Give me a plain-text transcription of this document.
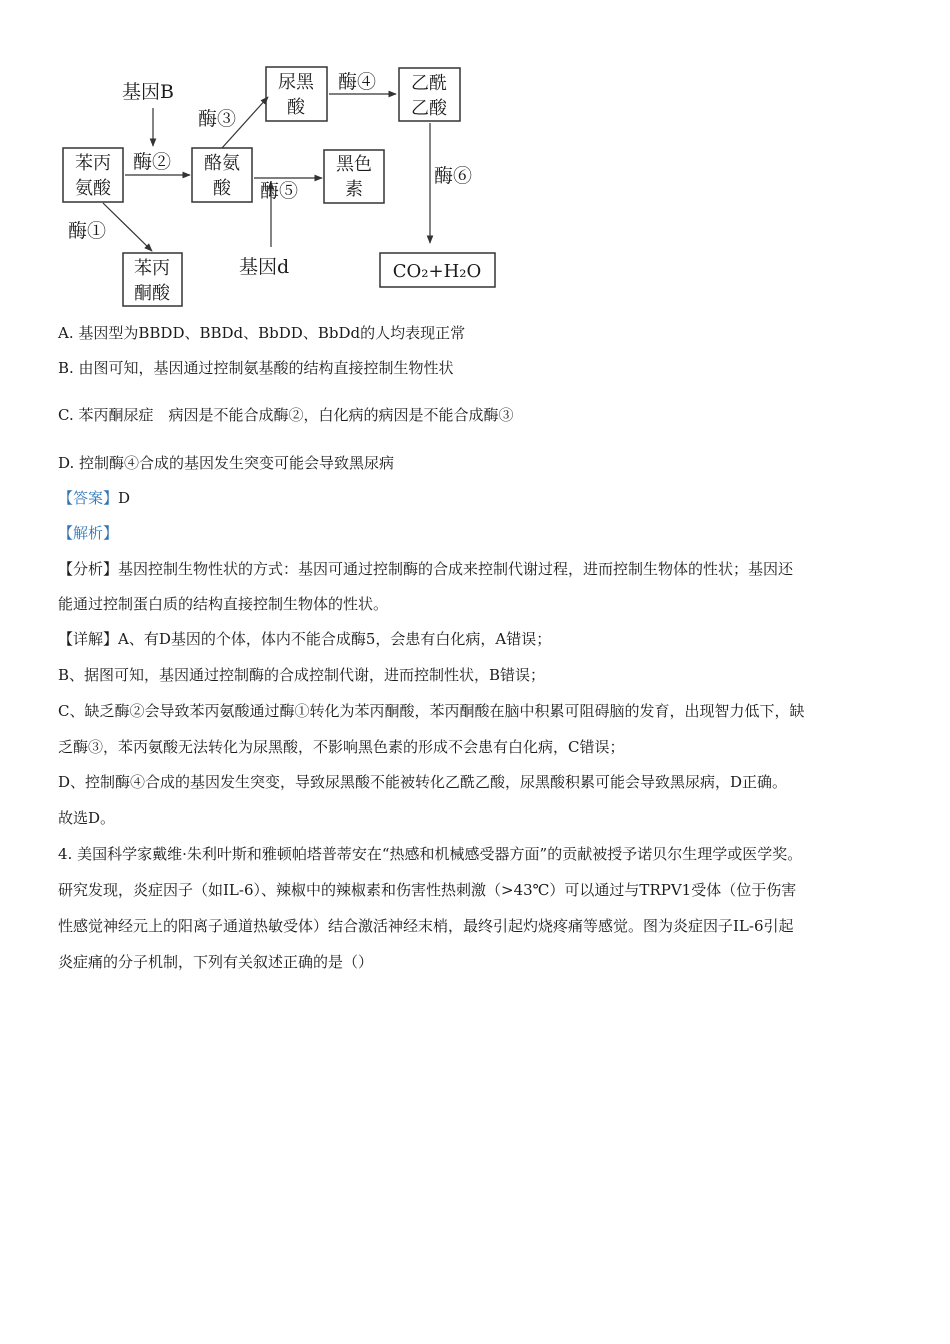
苯丙
氨酸
苯丙
酮酸
酪氨
酸
尿黑
酸
黑色
素
乙酰
乙酸
CO₂+H₂O
基因B
基因d
酶①
酶②
酶③
酶④
酶⑤
酶⑥
A. 基因型为BBDD、BBDd、BbDD、BbDd的人均表现正常
B. 由图可知，基因通过控制氨基酸的结构直接控制生物性状
C. 苯丙酮尿症　病因是不能合成酶②，白化病的病因是不能合成酶③
D. 控制酶④合成的基因发生突变可能会导致黑尿病
【答案】D
【解析】
【分析】基因控制生物性状的方式：基因可通过控制酶的合成来控制代谢过程，进而控制生物体的性状；基因还
能通过控制蛋白质的结构直接控制生物体的性状。
【详解】A、有D基因的个体，体内不能合成酶5，会患有白化病，A错误；
B、据图可知，基因通过控制酶的合成控制代谢，进而控制性状，B错误；
C、缺乏酶②会导致苯丙氨酸通过酶①转化为苯丙酮酸，苯丙酮酸在脑中积累可阻碍脑的发育，出现智力低下，缺
乏酶③，苯丙氨酸无法转化为尿黑酸，不影响黑色素的形成不会患有白化病，C错误；
D、控制酶④合成的基因发生突变，导致尿黑酸不能被转化乙酰乙酸，尿黑酸积累可能会导致黑尿病，D正确。
故选D。
4. 美国科学家戴维·朱利叶斯和雅顿帕塔普蒂安在“热感和机械感受器方面”的贡献被授予诺贝尔生理学或医学奖。
研究发现，炎症因子（如IL-6）、辣椒中的辣椒素和伤害性热刺激（>43℃）可以通过与TRPV1受体（位于伤害
性感觉神经元上的阳离子通道热敏受体）结合激活神经末梢，最终引起灼烧疼痛等感觉。图为炎症因子IL-6引起
炎症痛的分子机制，下列有关叙述正确的是（）
